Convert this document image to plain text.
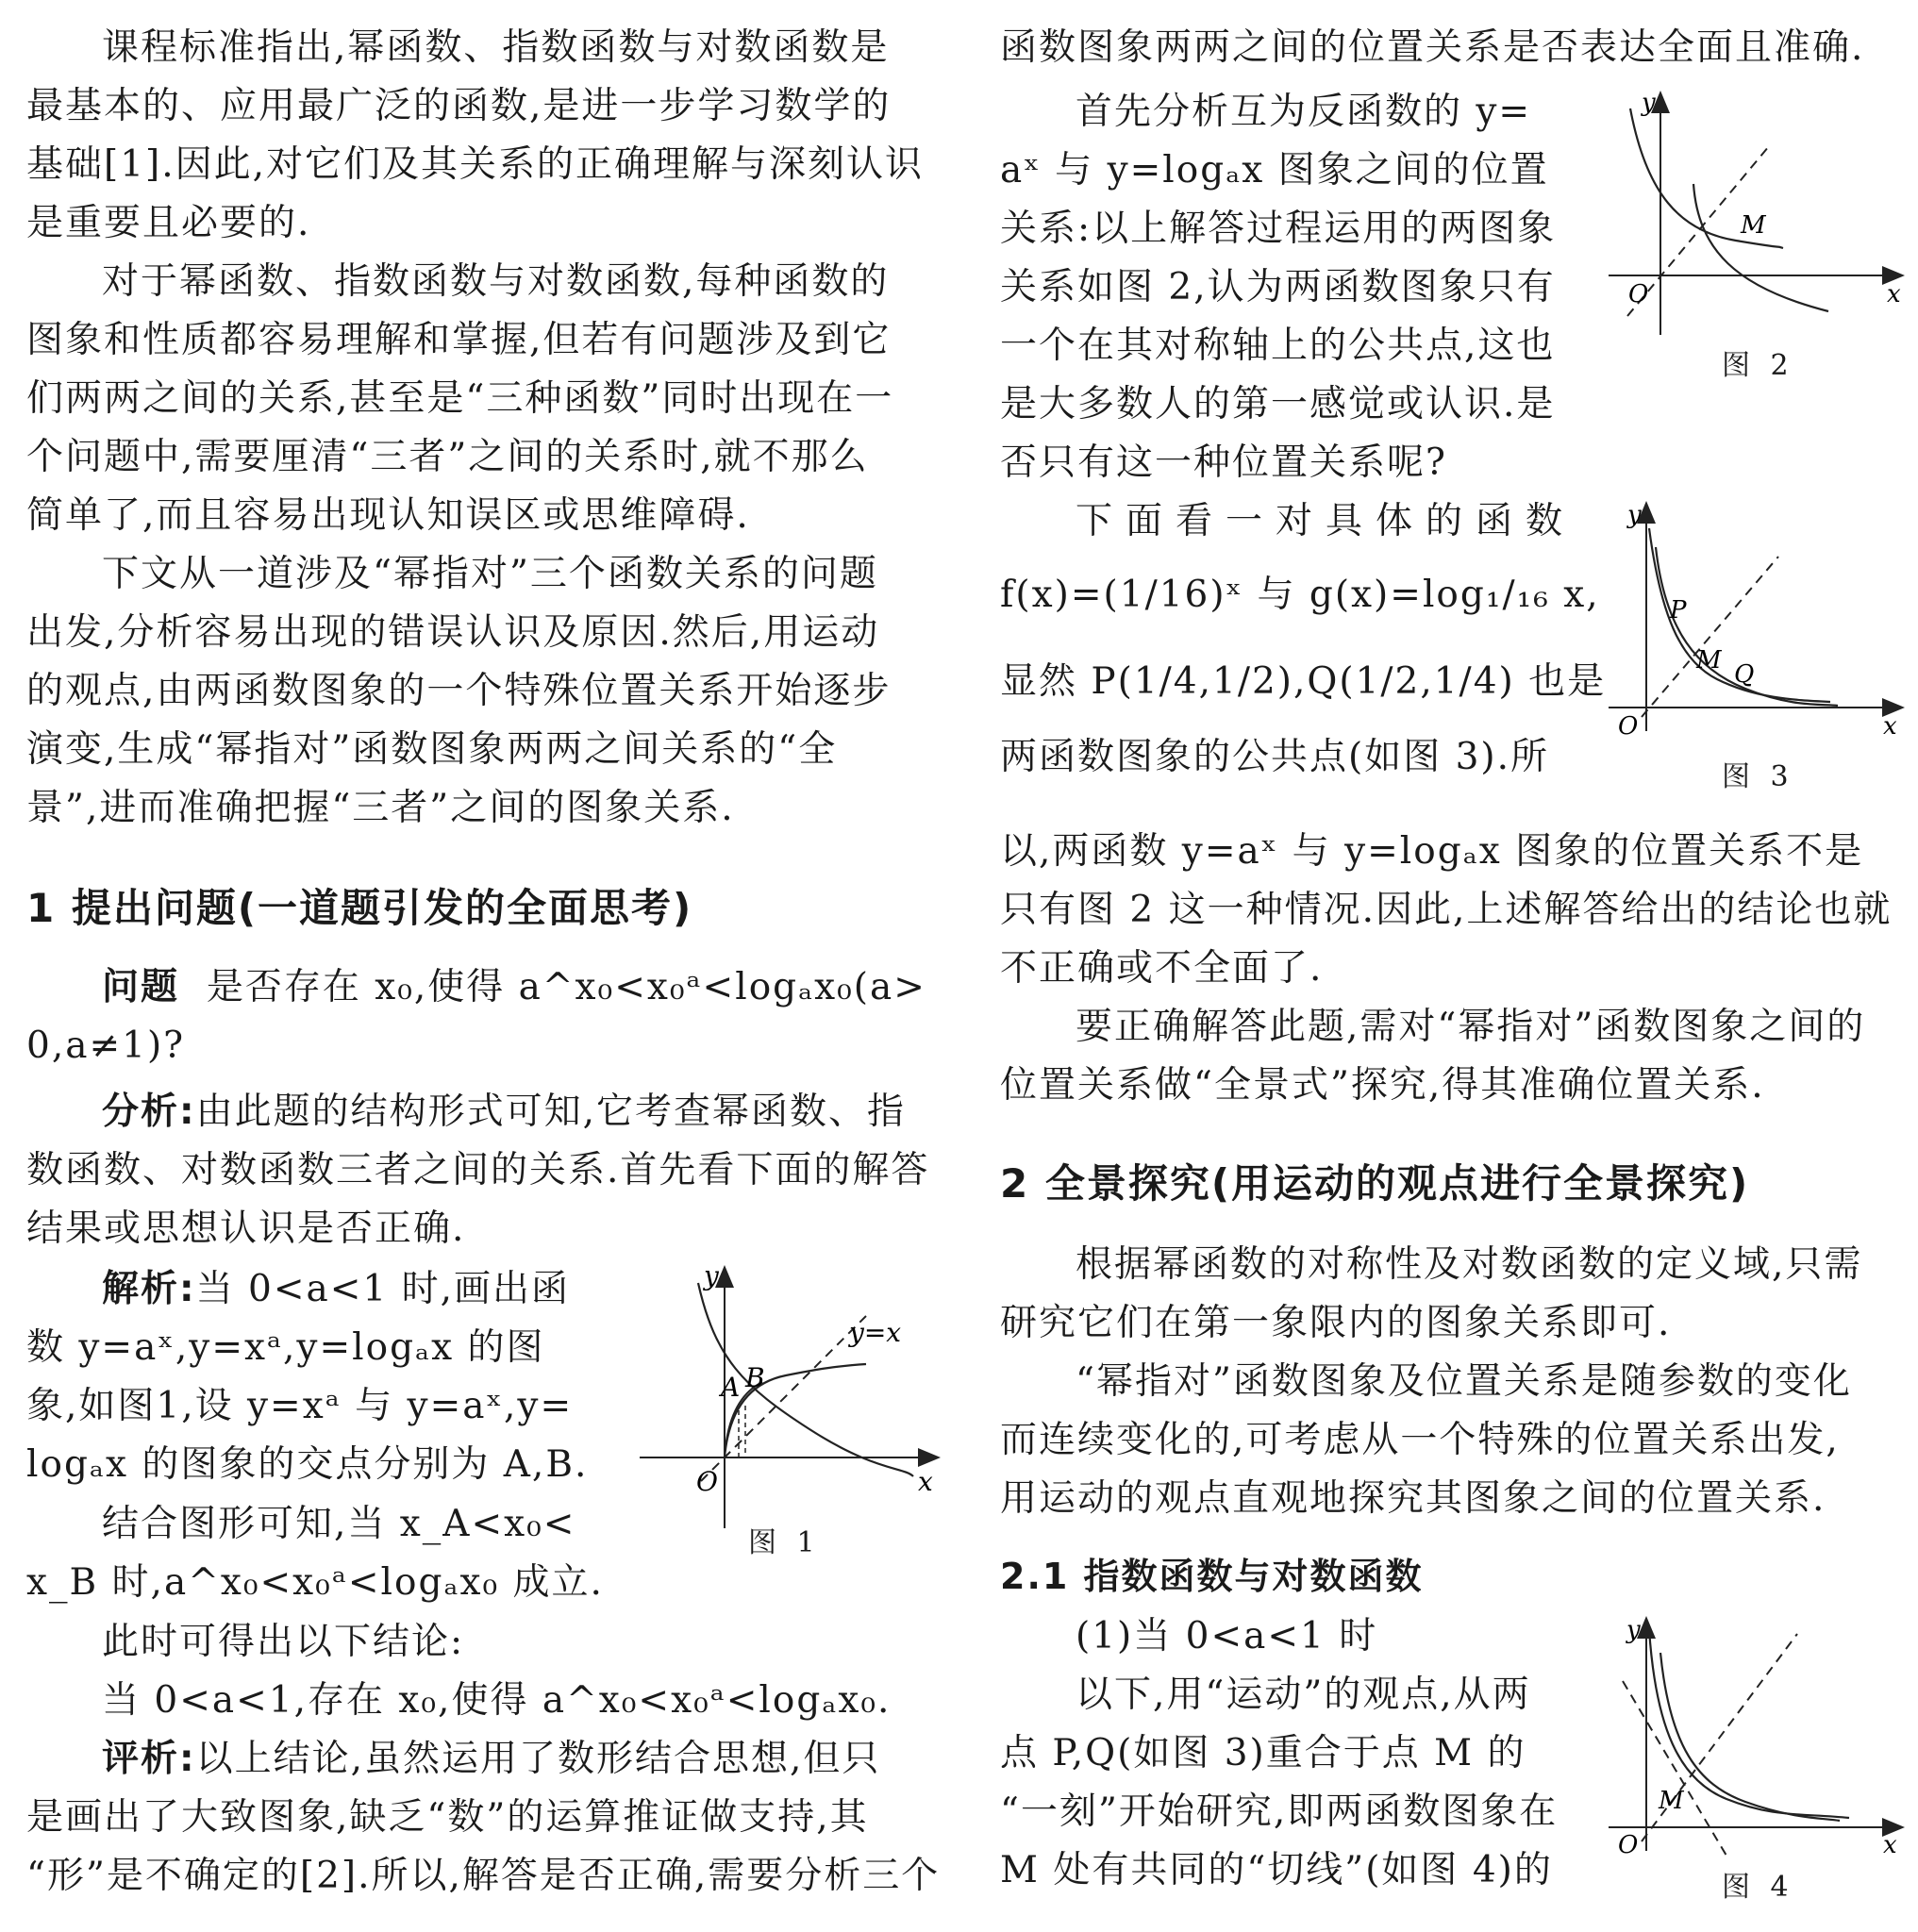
课程标准指出,幂函数、指数函数与对数函数是
最基本的、应用最广泛的函数,是进一步学习数学的
基础[1].因此,对它们及其关系的正确理解与深刻认识
是重要且必要的.
对于幂函数、指数函数与对数函数,每种函数的
图象和性质都容易理解和掌握,但若有问题涉及到它
们两两之间的关系,甚至是“三种函数”同时出现在一
个问题中,需要厘清“三者”之间的关系时,就不那么
简单了,而且容易出现认知误区或思维障碍.
下文从一道涉及“幂指对”三个函数关系的问题
出发,分析容易出现的错误认识及原因.然后,用运动
的观点,由两函数图象的一个特殊位置关系开始逐步
演变,生成“幂指对”函数图象两两之间关系的“全
景”,进而准确把握“三者”之间的图象关系.
1 提出问题(一道题引发的全面思考)
问题 是否存在 x₀,使得 a^x₀<x₀ᵃ<logₐx₀(a>
0,a≠1)?
分析:由此题的结构形式可知,它考查幂函数、指
数函数、对数函数三者之间的关系.首先看下面的解答
结果或思想认识是否正确.
解析:当 0<a<1 时,画出函
数 y=aˣ,y=xᵃ,y=logₐx 的图
象,如图1,设 y=xᵃ 与 y=aˣ,y=
logₐx 的图象的交点分别为 A,B.
结合图形可知,当 x_A<x₀<
x_B 时,a^x₀<x₀ᵃ<logₐx₀ 成立.
y
x
O
A B
y=x
图 1
此时可得出以下结论:
当 0<a<1,存在 x₀,使得 a^x₀<x₀ᵃ<logₐx₀.
评析:以上结论,虽然运用了数形结合思想,但只
是画出了大致图象,缺乏“数”的运算推证做支持,其
“形”是不确定的[2].所以,解答是否正确,需要分析三个
函数图象两两之间的位置关系是否表达全面且准确.
首先分析互为反函数的 y=
aˣ 与 y=logₐx 图象之间的位置
关系:以上解答过程运用的两图象
关系如图 2,认为两函数图象只有
一个在其对称轴上的公共点,这也
是大多数人的第一感觉或认识.是
否只有这一种位置关系呢?
y
x
O
M
图 2
下面看一对具体的函数
f(x)=(1/16)ˣ 与 g(x)=log₁/₁₆ x,
显然 P(1/4,1/2),Q(1/2,1/4) 也是
两函数图象的公共点(如图 3).所
y
x
O
P
M Q
图 3
以,两函数 y=aˣ 与 y=logₐx 图象的位置关系不是
只有图 2 这一种情况.因此,上述解答给出的结论也就
不正确或不全面了.
要正确解答此题,需对“幂指对”函数图象之间的
位置关系做“全景式”探究,得其准确位置关系.
2 全景探究(用运动的观点进行全景探究)
根据幂函数的对称性及对数函数的定义域,只需
研究它们在第一象限内的图象关系即可.
“幂指对”函数图象及位置关系是随参数的变化
而连续变化的,可考虑从一个特殊的位置关系出发,
用运动的观点直观地探究其图象之间的位置关系.
2.1 指数函数与对数函数
(1)当 0<a<1 时
以下,用“运动”的观点,从两
点 P,Q(如图 3)重合于点 M 的
“一刻”开始研究,即两函数图象在
M 处有共同的“切线”(如图 4)的
y
x
O
M
图 4
